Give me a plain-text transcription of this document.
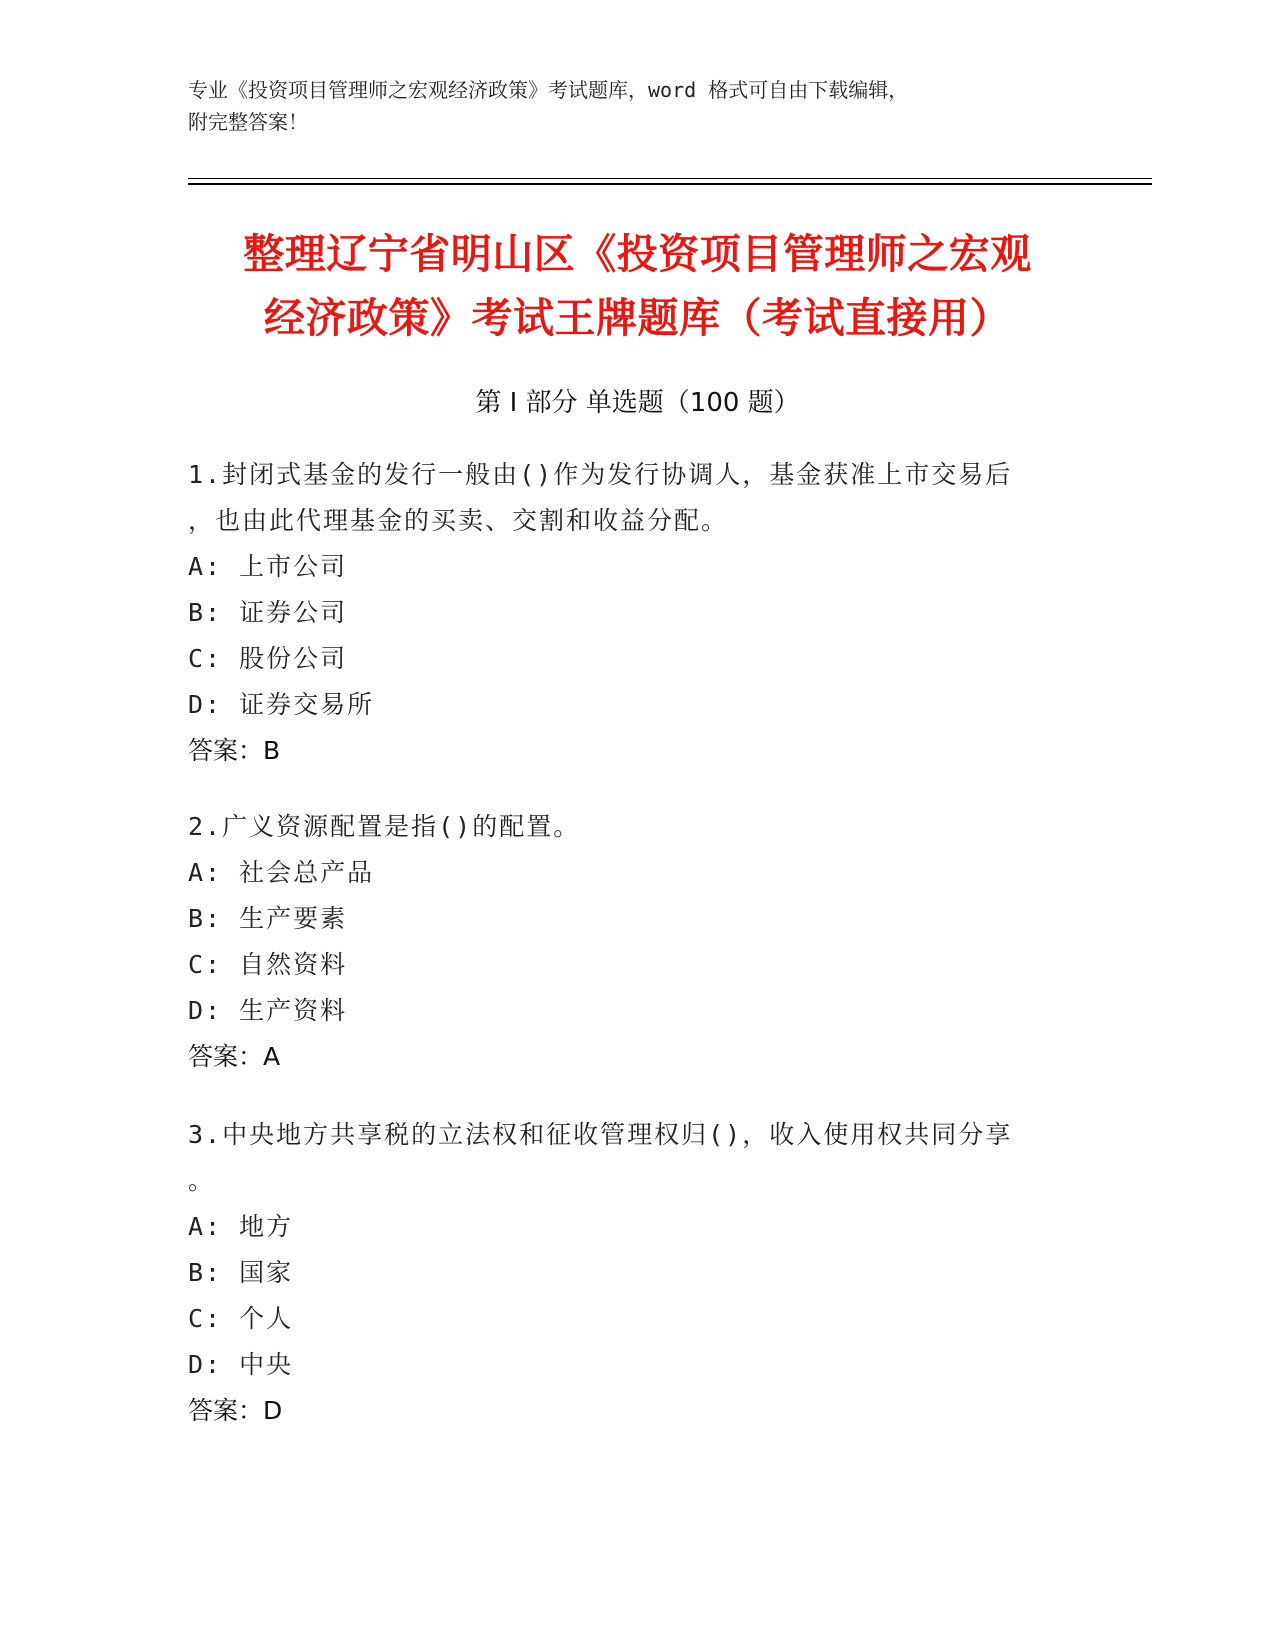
专业《投资项目管理师之宏观经济政策》考试题库，word 格式可自由下载编辑，
附完整答案！
整理辽宁省明山区《投资项目管理师之宏观
经济政策》考试王牌题库（考试直接用）
第 I 部分 单选题（100 题）
1.封闭式基金的发行一般由()作为发行协调人，基金获准上市交易后
，也由此代理基金的买卖、交割和收益分配。
A: 上市公司
B: 证券公司
C: 股份公司
D: 证券交易所
答案：B
2.广义资源配置是指()的配置。
A: 社会总产品
B: 生产要素
C: 自然资料
D: 生产资料
答案：A
3.中央地方共享税的立法权和征收管理权归()，收入使用权共同分享
。
A: 地方
B: 国家
C: 个人
D: 中央
答案：D
